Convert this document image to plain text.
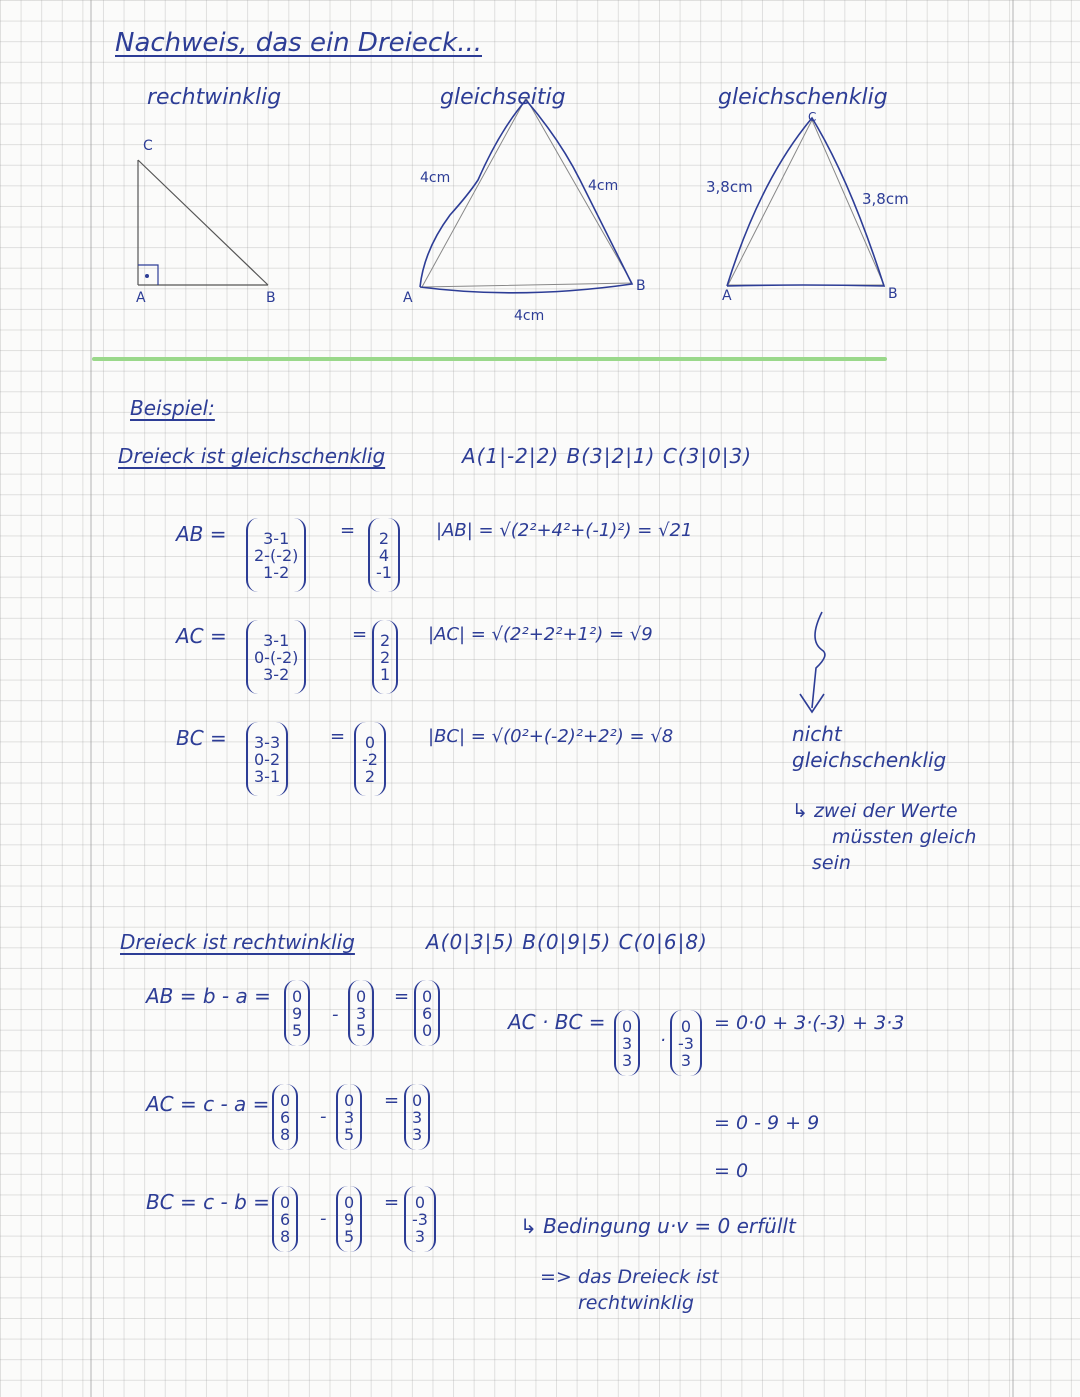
Nachweis, das ein Dreieck...
rechtwinklig	gleichseitig	gleichschenklig
C
A	B	A
B
4cm	4cm
4cm
C
A	B
3,8cm
3,8cm
Beispiel:
Dreieck ist gleichschenklig	A(1|-2|2) B(3|2|1) C(3|0|3)
AB = 3-1
2-(-2)
1-2
= 2
4
-1
|AB| = √(2²+4²+(-1)²) = √21
AC = 3-1
0-(-2)
3-2
= 2
2
1
|AC| = √(2²+2²+1²) = √9
BC = 3-3
0-2
3-1
= 0
-2
2
|BC| = √(0²+(-2)²+2²) = √8	nicht
gleichschenklig
↳ zwei der Werte
müssten gleich
sein
Dreieck ist rechtwinklig	A(0|3|5) B(0|9|5) C(0|6|8)
AB = b - a = 0
9
5
-
0
3
5
= 0
6
0
AC = c - a = 0
6
8
-
0
3
5
= 0
3
3
BC = c - b = 0
6
8
-
0
9
5
= 0
-3
3
AC · BC = 0
3
3
·
0
-3
3
= 0·0 + 3·(-3) + 3·3
= 0 - 9 + 9
= 0
↳ Bedingung u·v = 0 erfüllt
=> das Dreieck ist
rechtwinklig
